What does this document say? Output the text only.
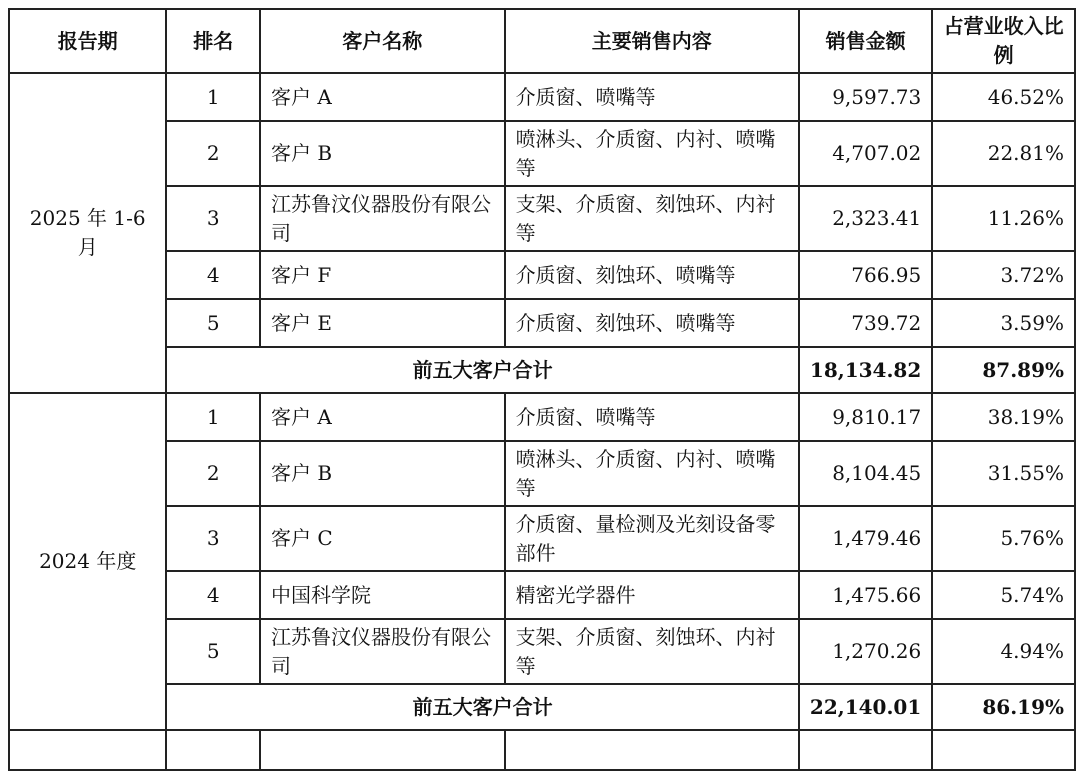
报告期	排名	客户名称	主要销售内容	销售金额	占营业收入比例
2025 年 1-6 月	1	客户 A	介质窗、喷嘴等	9,597.73	46.52%
	2	客户 B	喷淋头、介质窗、内衬、喷嘴等	4,707.02	22.81%
	3	江苏鲁汶仪器股份有限公司	支架、介质窗、刻蚀环、内衬等	2,323.41	11.26%
	4	客户 F	介质窗、刻蚀环、喷嘴等	766.95	3.72%
	5	客户 E	介质窗、刻蚀环、喷嘴等	739.72	3.59%
	前五大客户合计			18,134.82	87.89%
2024 年度	1	客户 A	介质窗、喷嘴等	9,810.17	38.19%
	2	客户 B	喷淋头、介质窗、内衬、喷嘴等	8,104.45	31.55%
	3	客户 C	介质窗、量检测及光刻设备零部件	1,479.46	5.76%
	4	中国科学院	精密光学器件	1,475.66	5.74%
	5	江苏鲁汶仪器股份有限公司	支架、介质窗、刻蚀环、内衬等	1,270.26	4.94%
	前五大客户合计			22,140.01	86.19%
